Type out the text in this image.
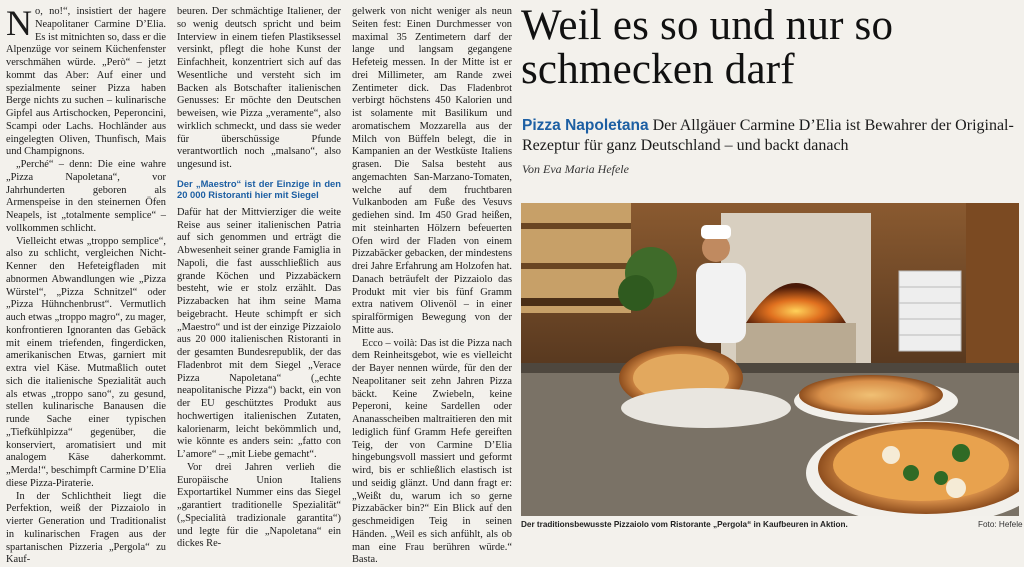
No, no!“, insistiert der hagere Neapolitaner Carmine D’Elia. Es ist mitnichten so, dass er die Alpenzüge vor seinem Küchenfenster verschmähen würde. „Però“ – jetzt kommt das Aber: Auf einer und spezialmente seiner Pizza haben Berge nichts zu suchen – kulinarische Gipfel aus Artischocken, Peperoncini, Scampi oder Lachs. Hochländer aus eingelegten Oliven, Thunfisch, Mais und Champignons.

„Perché“ – denn: Die eine wahre „Pizza Napoletana“, vor Jahrhunderten geboren als Armenspeise in den steinernen Öfen Neapels, ist „totalmente semplice“ – vollkommen schlicht.

Vielleicht etwas „troppo semplice“, also zu schlicht, vergleichen Nicht-Kenner den Hefeteigfladen mit abnormen Abwandlungen wie „Pizza Würstel“, „Pizza Schnitzel“ oder „Pizza Hühnchenbrust“. Vermutlich auch etwas „troppo magro“, zu mager, konfrontieren Ignoranten das Gebäck mit einem triefenden, fingerdicken, amerikanischen Etwas, garniert mit extra viel Käse. Mutmaßlich outet sich die italienische Spezialität auch als etwas „troppo sano“, zu gesund, stellen kulinarische Banausen die runde Sache einer typischen „Tiefkühlpizza“ gegenüber, die konserviert, aromatisiert und mit analogem Käse daherkommt. „Merda!“, beschimpft Carmine D’Elia diese Pizza-Piraterie.

In der Schlichtheit liegt die Perfektion, weiß der Pizzaiolo in vierter Generation und Traditionalist in kulinarischen Fragen aus der spartanischen Pizzeria „Pergola“ zu Kauf-

beuren. Der schmächtige Italiener, der so wenig deutsch spricht und beim Interview in einem tiefen Plastiksessel versinkt, pflegt die hohe Kunst der Einfachheit, konzentriert sich auf das Wesentliche und versteht sich im Backen als Botschafter italienischen Genusses: Er möchte den Deutschen beweisen, wie Pizza „veramente“, also wirklich schmeckt, und dass sie weder für überschüssige Pfunde verantwortlich noch „malsano“, also ungesund ist.

Der „Maestro“ ist der Einzige in den 20 000 Ristoranti hier mit Siegel

Dafür hat der Mittvierziger die weite Reise aus seiner italienischen Patria auf sich genommen und erträgt die Abwesenheit seiner grande Famiglia in Napoli, die fast ausschließlich aus grande Köchen und Pizzabäckern besteht, wie er stolz erzählt. Das Pizzabacken hat ihm seine Mama beigebracht. Heute schimpft er sich „Maestro“ und ist der einzige Pizzaiolo aus 20 000 italienischen Ristoranti in der gesamten Bundesrepublik, der das Fladenbrot mit dem Siegel „Verace Pizza Napoletana“ („echte neapolitanische Pizza“) backt, ein von der EU geschütztes Produkt aus hochwertigen italienischen Zutaten, kalorienarm, leicht bekömmlich und, wie könnte es anders sein: „fatto con L’amore“ – „mit Liebe gemacht“.

Vor drei Jahren verlieh die Europäische Union Italiens Exportartikel Nummer eins das Siegel „garantiert traditionelle Spezialität“ („Specialità tradizionale garantita“) und legte für die „Napoletana“ ein dickes Re-

gelwerk von nicht weniger als neun Seiten fest: Einen Durchmesser von maximal 35 Zentimetern darf der lange und langsam gegangene Hefeteig messen. In der Mitte ist er drei Millimeter, am Rande zwei Zentimeter dick. Das Fladenbrot verbirgt höchstens 450 Kalorien und ist solamente mit Basilikum und aromatischem Mozzarella aus der Milch von Büffeln belegt, die in Kampanien an der Westküste Italiens grasen. Die Salsa besteht aus angemachten San-Marzano-Tomaten, welche auf dem fruchtbaren Vulkanboden am Fuße des Vesuvs gediehen sind. Im 450 Grad heißen, mit steinharten Hölzern befeuerten Ofen wird der Fladen von einem Pizzabäcker gebacken, der mindestens drei Jahre Erfahrung am Holzofen hat. Danach beträufelt der Pizzaiolo das Produkt mit vier bis fünf Gramm extra nativem Olivenöl – in einer spiralförmigen Bewegung von der Mitte aus.

Ecco – voilà: Das ist die Pizza nach dem Reinheitsgebot, wie es vielleicht der Bayer nennen würde, für den der Neapolitaner seit zehn Jahren Pizza bäckt. Keine Zwiebeln, keine Peperoni, keine Sardellen oder Ananasscheiben maltraitieren den mit lediglich fünf Gramm Hefe gereiften Teig, der von Carmine D’Elia hingebungsvoll massiert und geformt wird, bis er schließlich elastisch ist und seidig glänzt. Und dann fragt er: „Weißt du, warum ich so gerne Pizzabäcker bin?“ Ein Blick auf den geschmeidigen Teig in seinen Händen. „Weil es sich anfühlt, als ob man eine Frau berühren würde.“ Basta.

Weil es so und nur so
schmecken darf
Pizza Napoletana Der Allgäuer Carmine D’Elia ist Bewahrer der Original-Rezeptur für ganz Deutschland – und backt danach
Von Eva Maria Hefele
Der traditionsbewusste Pizzaiolo vom Ristorante „Pergola“ in Kaufbeuren in Aktion.	Foto: Hefele
